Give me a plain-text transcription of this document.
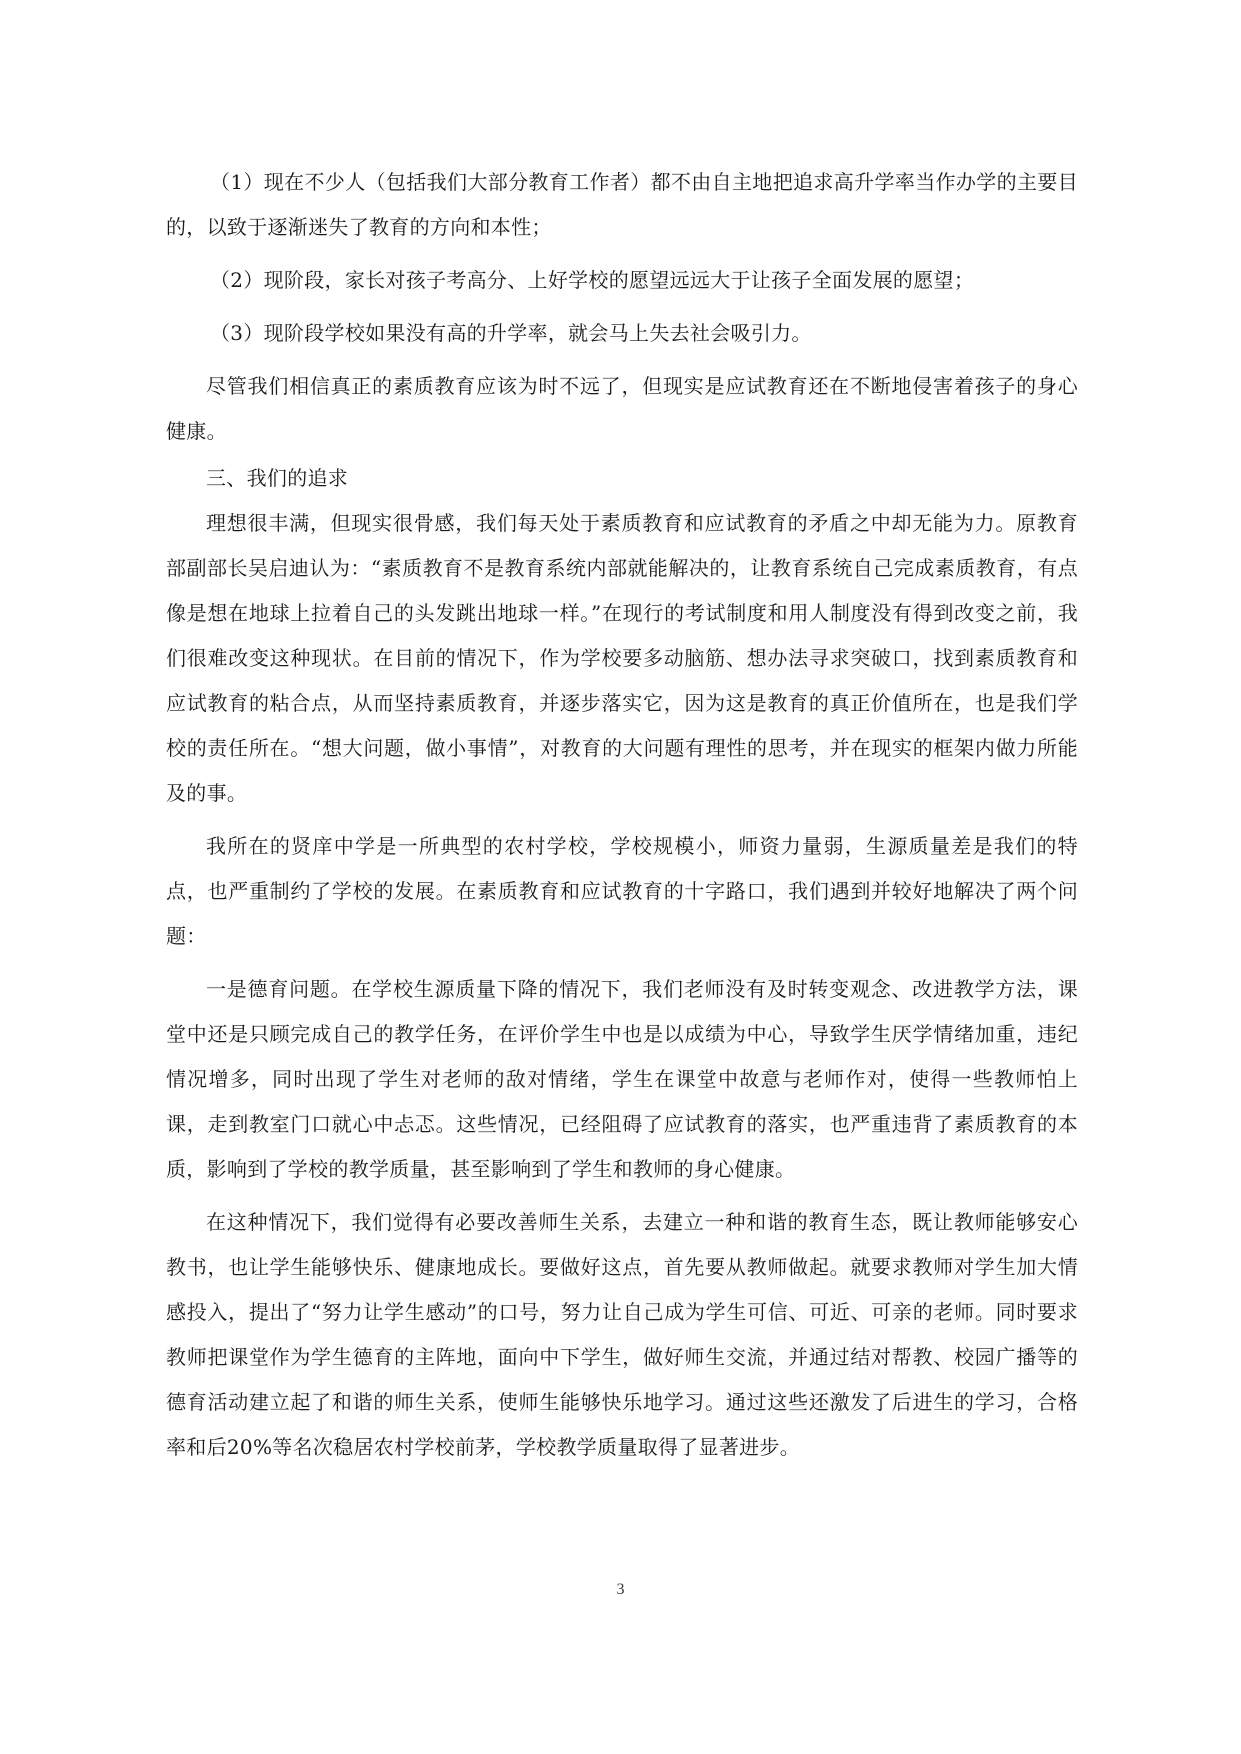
（1）现在不少人（包括我们大部分教育工作者）都不由自主地把追求高升学率当作办学的主要目的，以致于逐渐迷失了教育的方向和本性；

（2）现阶段，家长对孩子考高分、上好学校的愿望远远大于让孩子全面发展的愿望；

（3）现阶段学校如果没有高的升学率，就会马上失去社会吸引力。

尽管我们相信真正的素质教育应该为时不远了，但现实是应试教育还在不断地侵害着孩子的身心健康。

三、我们的追求

理想很丰满，但现实很骨感，我们每天处于素质教育和应试教育的矛盾之中却无能为力。原教育部副部长吴启迪认为：“素质教育不是教育系统内部就能解决的，让教育系统自己完成素质教育，有点像是想在地球上拉着自己的头发跳出地球一样。”在现行的考试制度和用人制度没有得到改变之前，我们很难改变这种现状。在目前的情况下，作为学校要多动脑筋、想办法寻求突破口，找到素质教育和应试教育的粘合点，从而坚持素质教育，并逐步落实它，因为这是教育的真正价值所在，也是我们学校的责任所在。“想大问题，做小事情”，对教育的大问题有理性的思考，并在现实的框架内做力所能及的事。

我所在的贤庠中学是一所典型的农村学校，学校规模小，师资力量弱，生源质量差是我们的特点，也严重制约了学校的发展。在素质教育和应试教育的十字路口，我们遇到并较好地解决了两个问题：

一是德育问题。在学校生源质量下降的情况下，我们老师没有及时转变观念、改进教学方法，课堂中还是只顾完成自己的教学任务，在评价学生中也是以成绩为中心，导致学生厌学情绪加重，违纪情况增多，同时出现了学生对老师的敌对情绪，学生在课堂中故意与老师作对，使得一些教师怕上课，走到教室门口就心中忐忑。这些情况，已经阻碍了应试教育的落实，也严重违背了素质教育的本质，影响到了学校的教学质量，甚至影响到了学生和教师的身心健康。

在这种情况下，我们觉得有必要改善师生关系，去建立一种和谐的教育生态，既让教师能够安心教书，也让学生能够快乐、健康地成长。要做好这点，首先要从教师做起。就要求教师对学生加大情感投入，提出了“努力让学生感动”的口号，努力让自己成为学生可信、可近、可亲的老师。同时要求教师把课堂作为学生德育的主阵地，面向中下学生，做好师生交流，并通过结对帮教、校园广播等的德育活动建立起了和谐的师生关系，使师生能够快乐地学习。通过这些还激发了后进生的学习，合格率和后20%等名次稳居农村学校前茅，学校教学质量取得了显著进步。

3
